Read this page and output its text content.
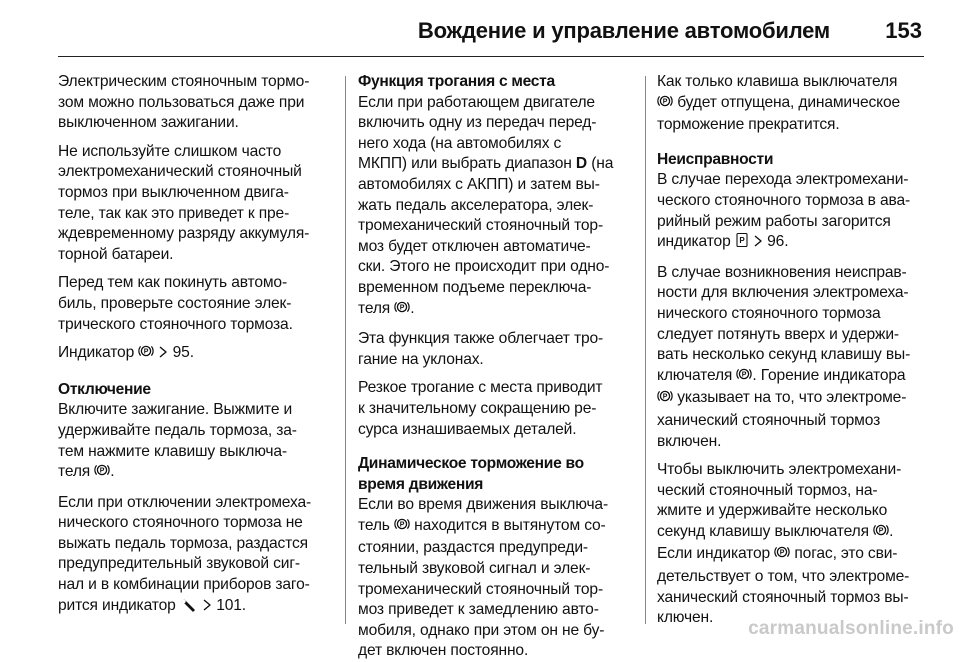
Вождение и управление автомобилем	153

Электрическим стояночным тормо-
зом можно пользоваться даже при
выключенном зажигании.

Не используйте слишком часто
электромеханический стояночный
тормоз при выключенном двига-
теле, так как это приведет к пре-
ждевременному разряду аккумуля-
торной батареи.

Перед тем как покинуть автомо-
биль, проверьте состояние элек-
трического стояночного тормоза.

Индикатор P 95.

Отключение

Включите зажигание. Выжмите и
удерживайте педаль тормоза, за-
тем нажмите клавишу выключа-
теля P .

Если при отключении электромеха-
нического стояночного тормоза не
выжать педаль тормоза, раздастся
предупредительный звуковой сиг-
нал и в комбинации приборов заго-
рится индикатор	101.

Функция трогания с места

Если при работающем двигателе
включить одну из передач перед-
него хода (на автомобилях с
МКПП) или выбрать диапазон D (на
автомобилях с АКПП) и затем вы-
жать педаль акселератора, элек-
тромеханический стояночный тор-
моз будет отключен автоматиче-
ски. Этого не происходит при одно-
временном подъеме переключа-
теля P .

Эта функция также облегчает тро-
гание на уклонах.

Резкое трогание с места приводит
к значительному сокращению ре-
сурса изнашиваемых деталей.

Динамическое торможение во
время движения

Если во время движения выключа-
тель P находится в вытянутом со-
стоянии, раздастся предупреди-
тельный звуковой сигнал и элек-
тромеханический стояночный тор-
моз приведет к замедлению авто-
мобиля, однако при этом он не бу-
дет включен постоянно.

Как только клавиша выключателя
P будет отпущена, динамическое
торможение прекратится.

Неисправности

В случае перехода электромехани-
ческого стояночного тормоза в ава-
рийный режим работы загорится
индикатор P 96.

В случае возникновения неисправ-
ности для включения электромеха-
нического стояночного тормоза
следует потянуть вверх и удержи-
вать несколько секунд клавишу вы-
ключателя P . Горение индикатора
P указывает на то, что электроме-
ханический стояночный тормоз
включен.

Чтобы выключить электромехани-
ческий стояночный тормоз, на-
жмите и удерживайте несколько
секунд клавишу выключателя P .
Если индикатор P погас, это сви-
детельствует о том, что электроме-
ханический стояночный тормоз вы-
ключен.

carmanualsonline.info
